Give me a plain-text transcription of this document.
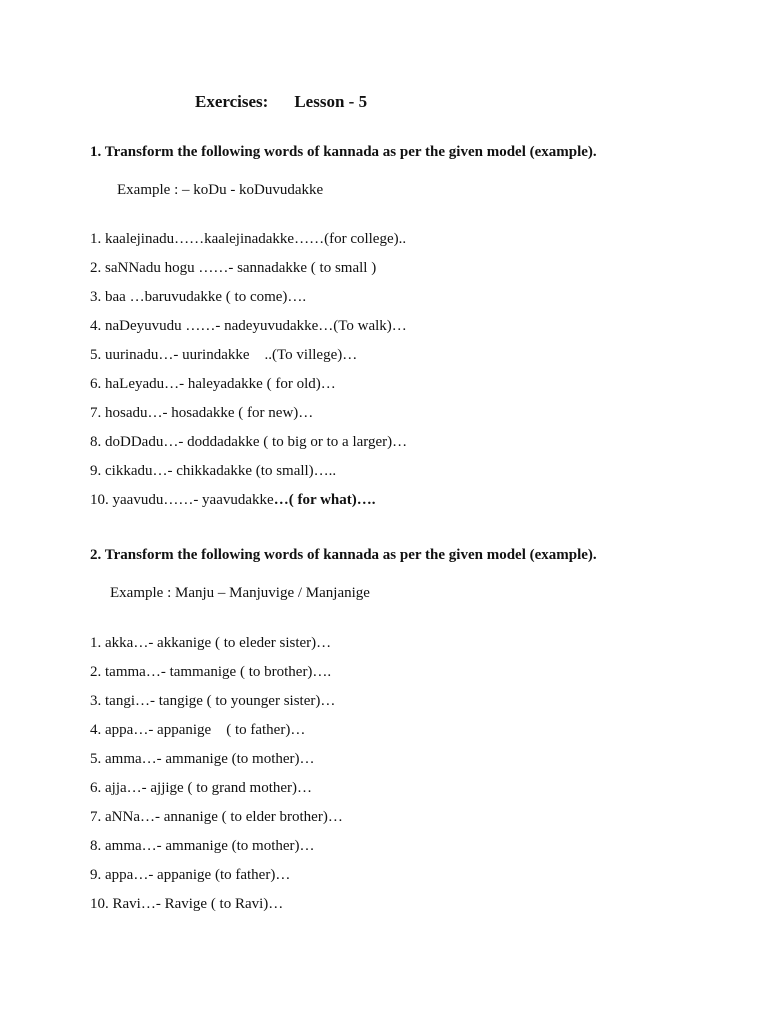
Exercises: Lesson - 5
1. Transform the following words of kannada as per the given model (example).
Example : – koDu - koDuvudakke
1. kaalejinadu……kaalejinadakke……(for college)..
2. saNNadu hogu ……- sannadakke ( to small )
3. baa …baruvudakke ( to come)….
4. naDeyuvudu ……- nadeyuvudakke…(To walk)…
5. uurinadu…- uurindakke    ..(To villege)…
6. haLeyadu…- haleyadakke ( for old)…
7. hosadu…- hosadakke ( for new)…
8. doDDadu…- doddadakke ( to big or to a larger)…
9. cikkadu…- chikkadakke (to small)…..
10. yaavudu……- yaavudakke…( for what)….
2. Transform the following words of kannada as per the given model (example).
Example : Manju – Manjuvige / Manjanige
1. akka…- akkanige ( to eleder sister)…
2. tamma…- tammanige ( to brother)….
3. tangi…- tangige ( to younger sister)…
4. appa…- appanige    ( to father)…
5. amma…- ammanige (to mother)…
6. ajja…- ajjige ( to grand mother)…
7. aNNa…- annanige ( to elder brother)…
8. amma…- ammanige (to mother)…
9. appa…- appanige (to father)…
10. Ravi…- Ravige ( to Ravi)…
